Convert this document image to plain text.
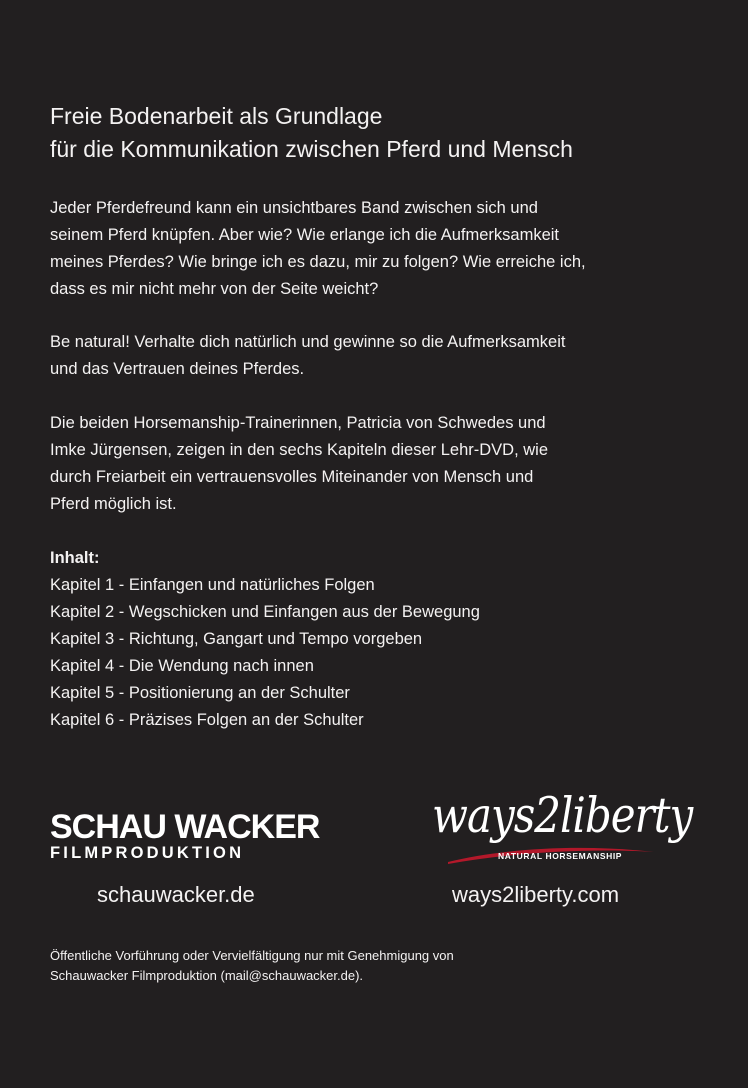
Freie Bodenarbeit als Grundlage
für die Kommunikation zwischen Pferd und Mensch

Jeder Pferdefreund kann ein unsichtbares Band zwischen sich und
seinem Pferd knüpfen. Aber wie? Wie erlange ich die Aufmerksamkeit
meines Pferdes? Wie bringe ich es dazu, mir zu folgen? Wie erreiche ich,
dass es mir nicht mehr von der Seite weicht?

Be natural! Verhalte dich natürlich und gewinne so die Aufmerksamkeit
und das Vertrauen deines Pferdes.

Die beiden Horsemanship-Trainerinnen, Patricia von Schwedes und
Imke Jürgensen, zeigen in den sechs Kapiteln dieser Lehr-DVD, wie
durch Freiarbeit ein vertrauensvolles Miteinander von Mensch und
Pferd möglich ist.

Inhalt:
Kapitel 1 - Einfangen und natürliches Folgen
Kapitel 2 - Wegschicken und Einfangen aus der Bewegung
Kapitel 3 - Richtung, Gangart und Tempo vorgeben
Kapitel 4 - Die Wendung nach innen
Kapitel 5 - Positionierung an der Schulter
Kapitel 6 - Präzises Folgen an der Schulter
SCHAU WACKER
FILMPRODUKTION
ways2liberty
NATURAL HORSEMANSHIP
schauwacker.de	ways2liberty.com
Öffentliche Vorführung oder Vervielfältigung nur mit Genehmigung von
Schauwacker Filmproduktion (mail@schauwacker.de).
